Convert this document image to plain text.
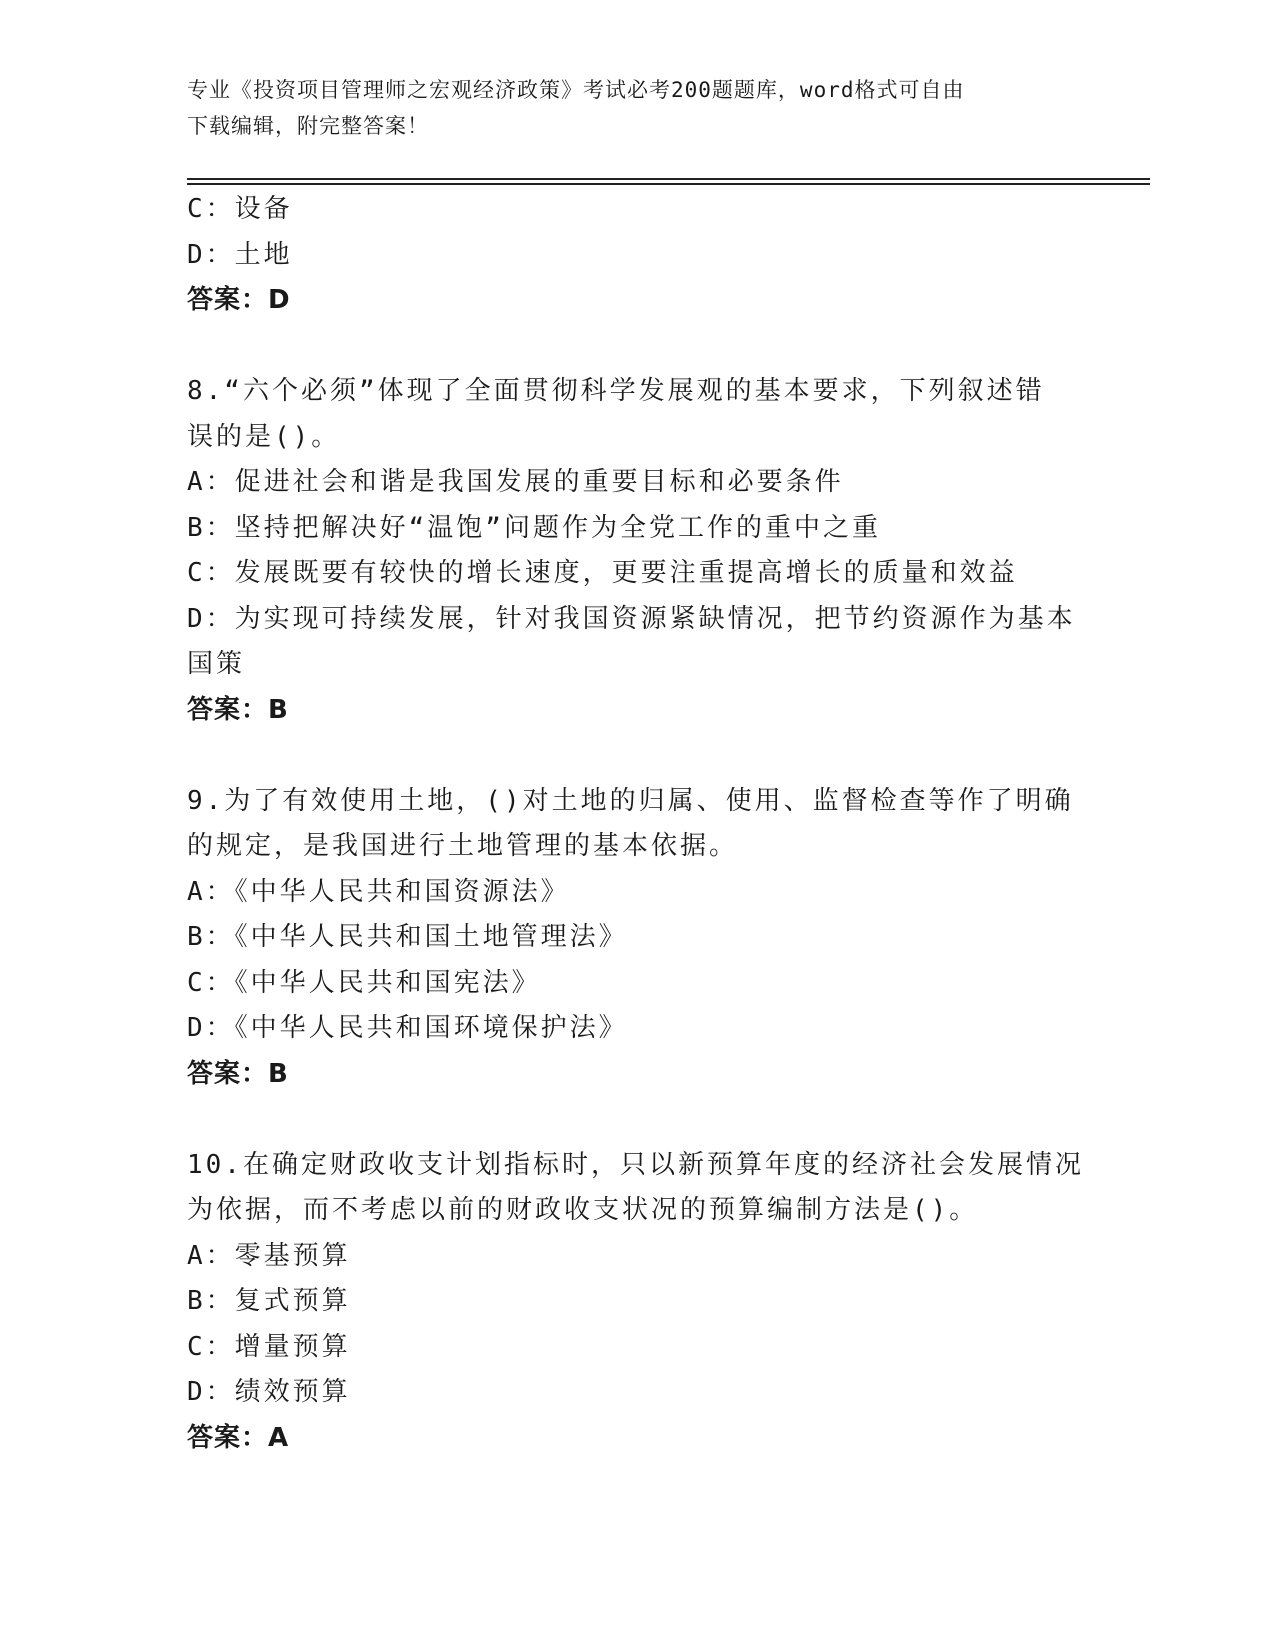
专业《投资项目管理师之宏观经济政策》考试必考200题题库，word格式可自由
下载编辑，附完整答案！
C：设备
D：土地
答案：D
8.“六个必须”体现了全面贯彻科学发展观的基本要求，下列叙述错
误的是()。
A：促进社会和谐是我国发展的重要目标和必要条件
B：坚持把解决好“温饱”问题作为全党工作的重中之重
C：发展既要有较快的增长速度，更要注重提高增长的质量和效益
D：为实现可持续发展，针对我国资源紧缺情况，把节约资源作为基本
国策
答案：B
9.为了有效使用土地，()对土地的归属、使用、监督检查等作了明确
的规定，是我国进行土地管理的基本依据。
A：《中华人民共和国资源法》
B：《中华人民共和国土地管理法》
C：《中华人民共和国宪法》
D：《中华人民共和国环境保护法》
答案：B
10.在确定财政收支计划指标时，只以新预算年度的经济社会发展情况
为依据，而不考虑以前的财政收支状况的预算编制方法是()。
A：零基预算
B：复式预算
C：增量预算
D：绩效预算
答案：A
